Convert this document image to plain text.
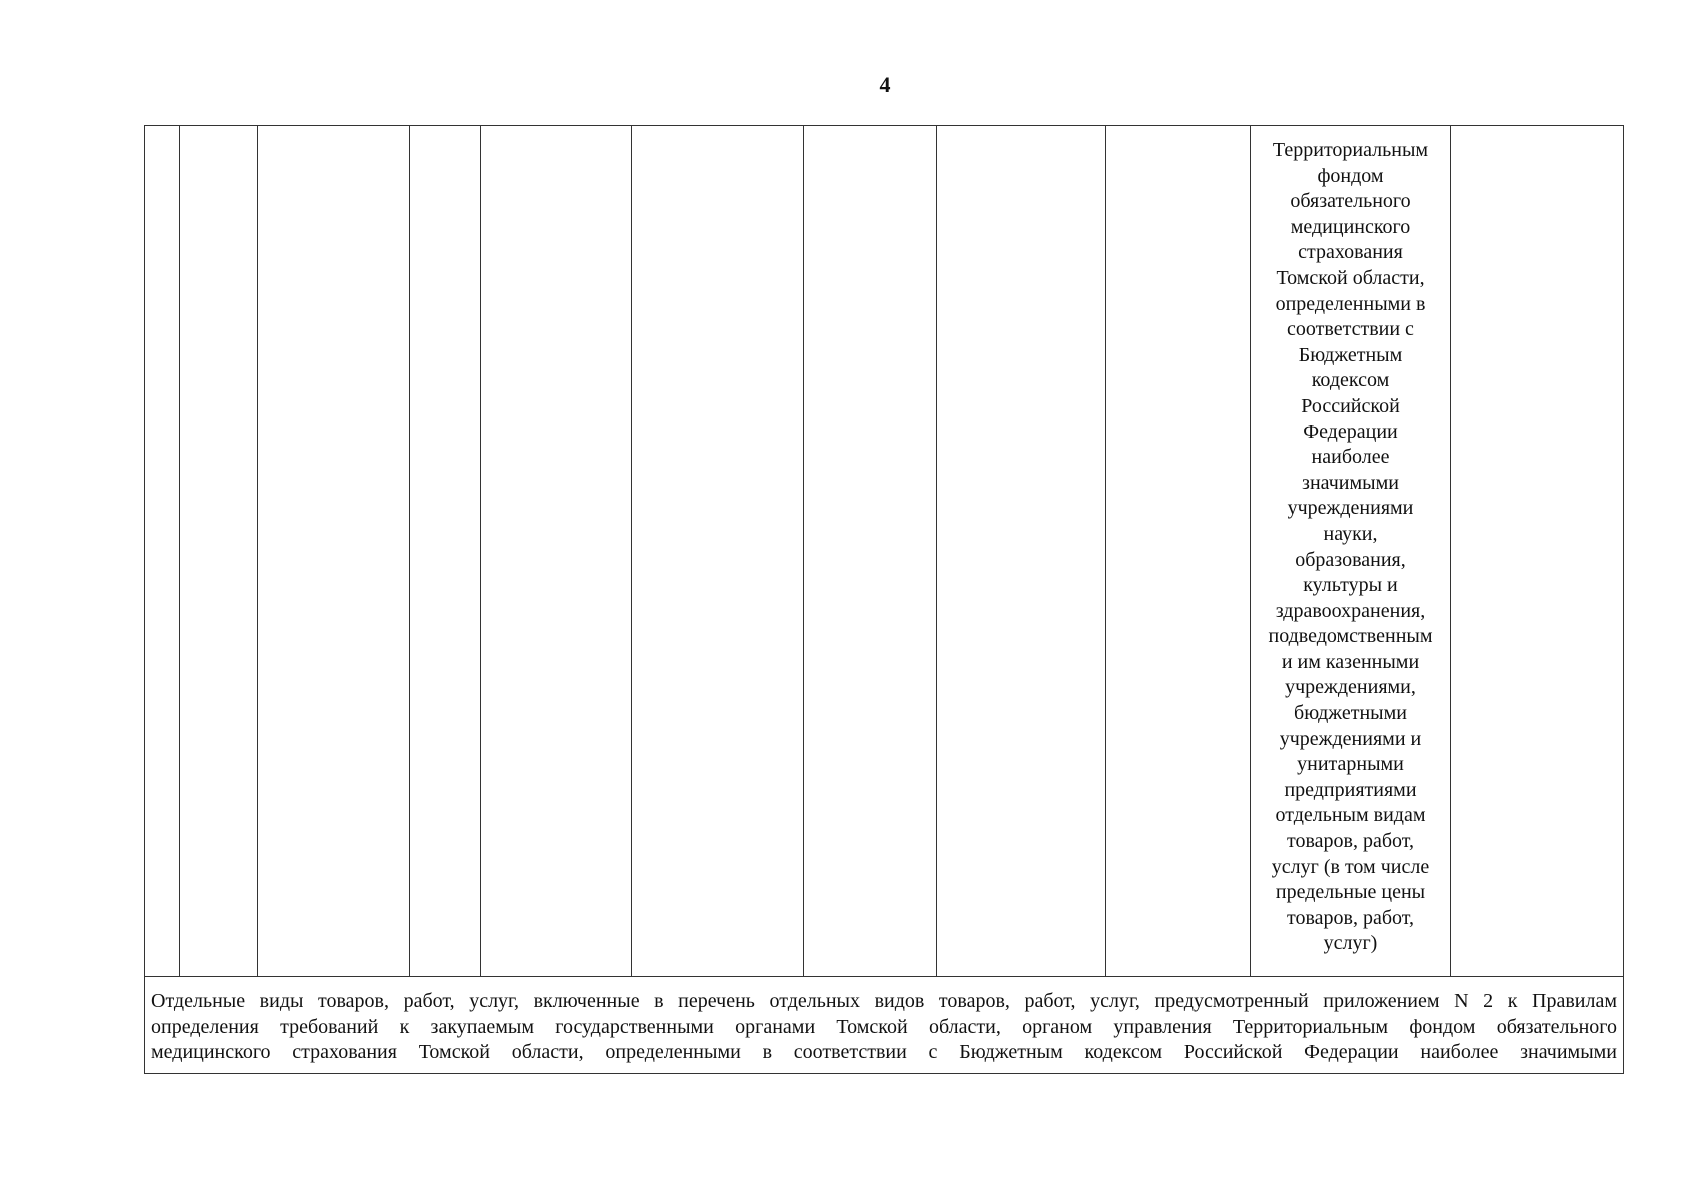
4

Территориальным
фондом
обязательного
медицинского
страхования
Томской области,
определенными в
соответствии с
Бюджетным
кодексом
Российской
Федерации
наиболее
значимыми
учреждениями
науки,
образования,
культуры и
здравоохранения,
подведомственным
и им казенными
учреждениями,
бюджетными
учреждениями и
унитарными
предприятиями
отдельным видам
товаров, работ,
услуг (в том числе
предельные цены
товаров, работ,
услуг)

Отдельные виды товаров, работ, услуг, включенные в перечень отдельных видов товаров, работ, услуг, предусмотренный приложением N 2 к Правилам
определения требований к закупаемым государственными органами Томской области, органом управления Территориальным фондом обязательного
медицинского страхования Томской области, определенными в соответствии с Бюджетным кодексом Российской Федерации наиболее значимыми
